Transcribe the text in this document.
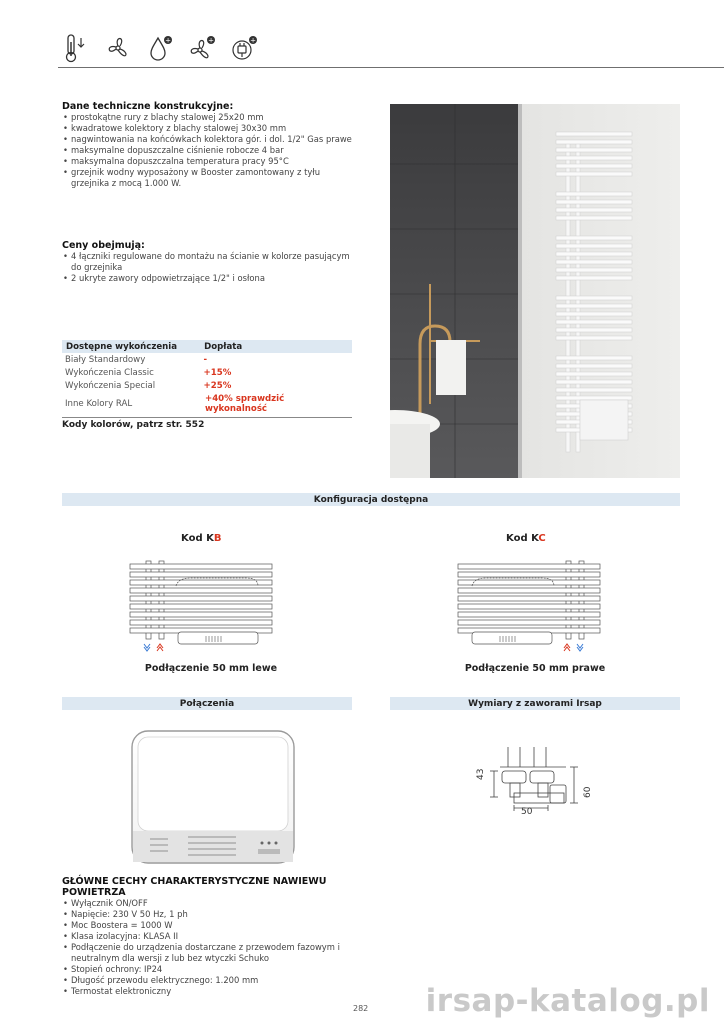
+	+	+
Dane techniczne konstrukcyjne:
• prostokątne rury z blachy stalowej 25x20 mm
• kwadratowe kolektory z blachy stalowej 30x30 mm
• nagwintowania na końcówkach kolektora gór. i dol. 1/2" Gas prawe
• maksymalne dopuszczalne ciśnienie robocze 4 bar
• maksymalna dopuszczalna temperatura pracy 95°C
• grzejnik wodny wyposażony w Booster zamontowany z tyłu grzejnika z mocą 1.000 W.
Ceny obejmują:
• 4 łączniki regulowane do montażu na ścianie w kolorze pasującym do grzejnika
• 2 ukryte zawory odpowietrzające 1/2" i osłona
Dostępne wykończenia	Dopłata
Biały Standardowy	-
Wykończenia Classic	+15%
Wykończenia Special	+25%
Inne Kolory RAL	+40% sprawdzić wykonalność
Kody kolorów, patrz str. 552
Konfiguracja dostępna
Kod KB
Podłączenie 50 mm lewe
Kod KC
Podłączenie 50 mm prawe
Połączenia	Wymiary z zaworami Irsap
43
60
50
GŁÓWNE CECHY CHARAKTERYSTYCZNE NAWIEWU POWIETRZA
• Wyłącznik ON/OFF
• Napięcie: 230 V 50 Hz, 1 ph
• Moc Boostera = 1000 W
• Klasa izolacyjna: KLASA II
• Podłączenie do urządzenia dostarczane z przewodem fazowym i neutralnym dla wersji z lub bez wtyczki Schuko
• Stopień ochrony: IP24
• Długość przewodu elektrycznego: 1.200 mm
• Termostat elektroniczny
282 irsap-katalog.pl
